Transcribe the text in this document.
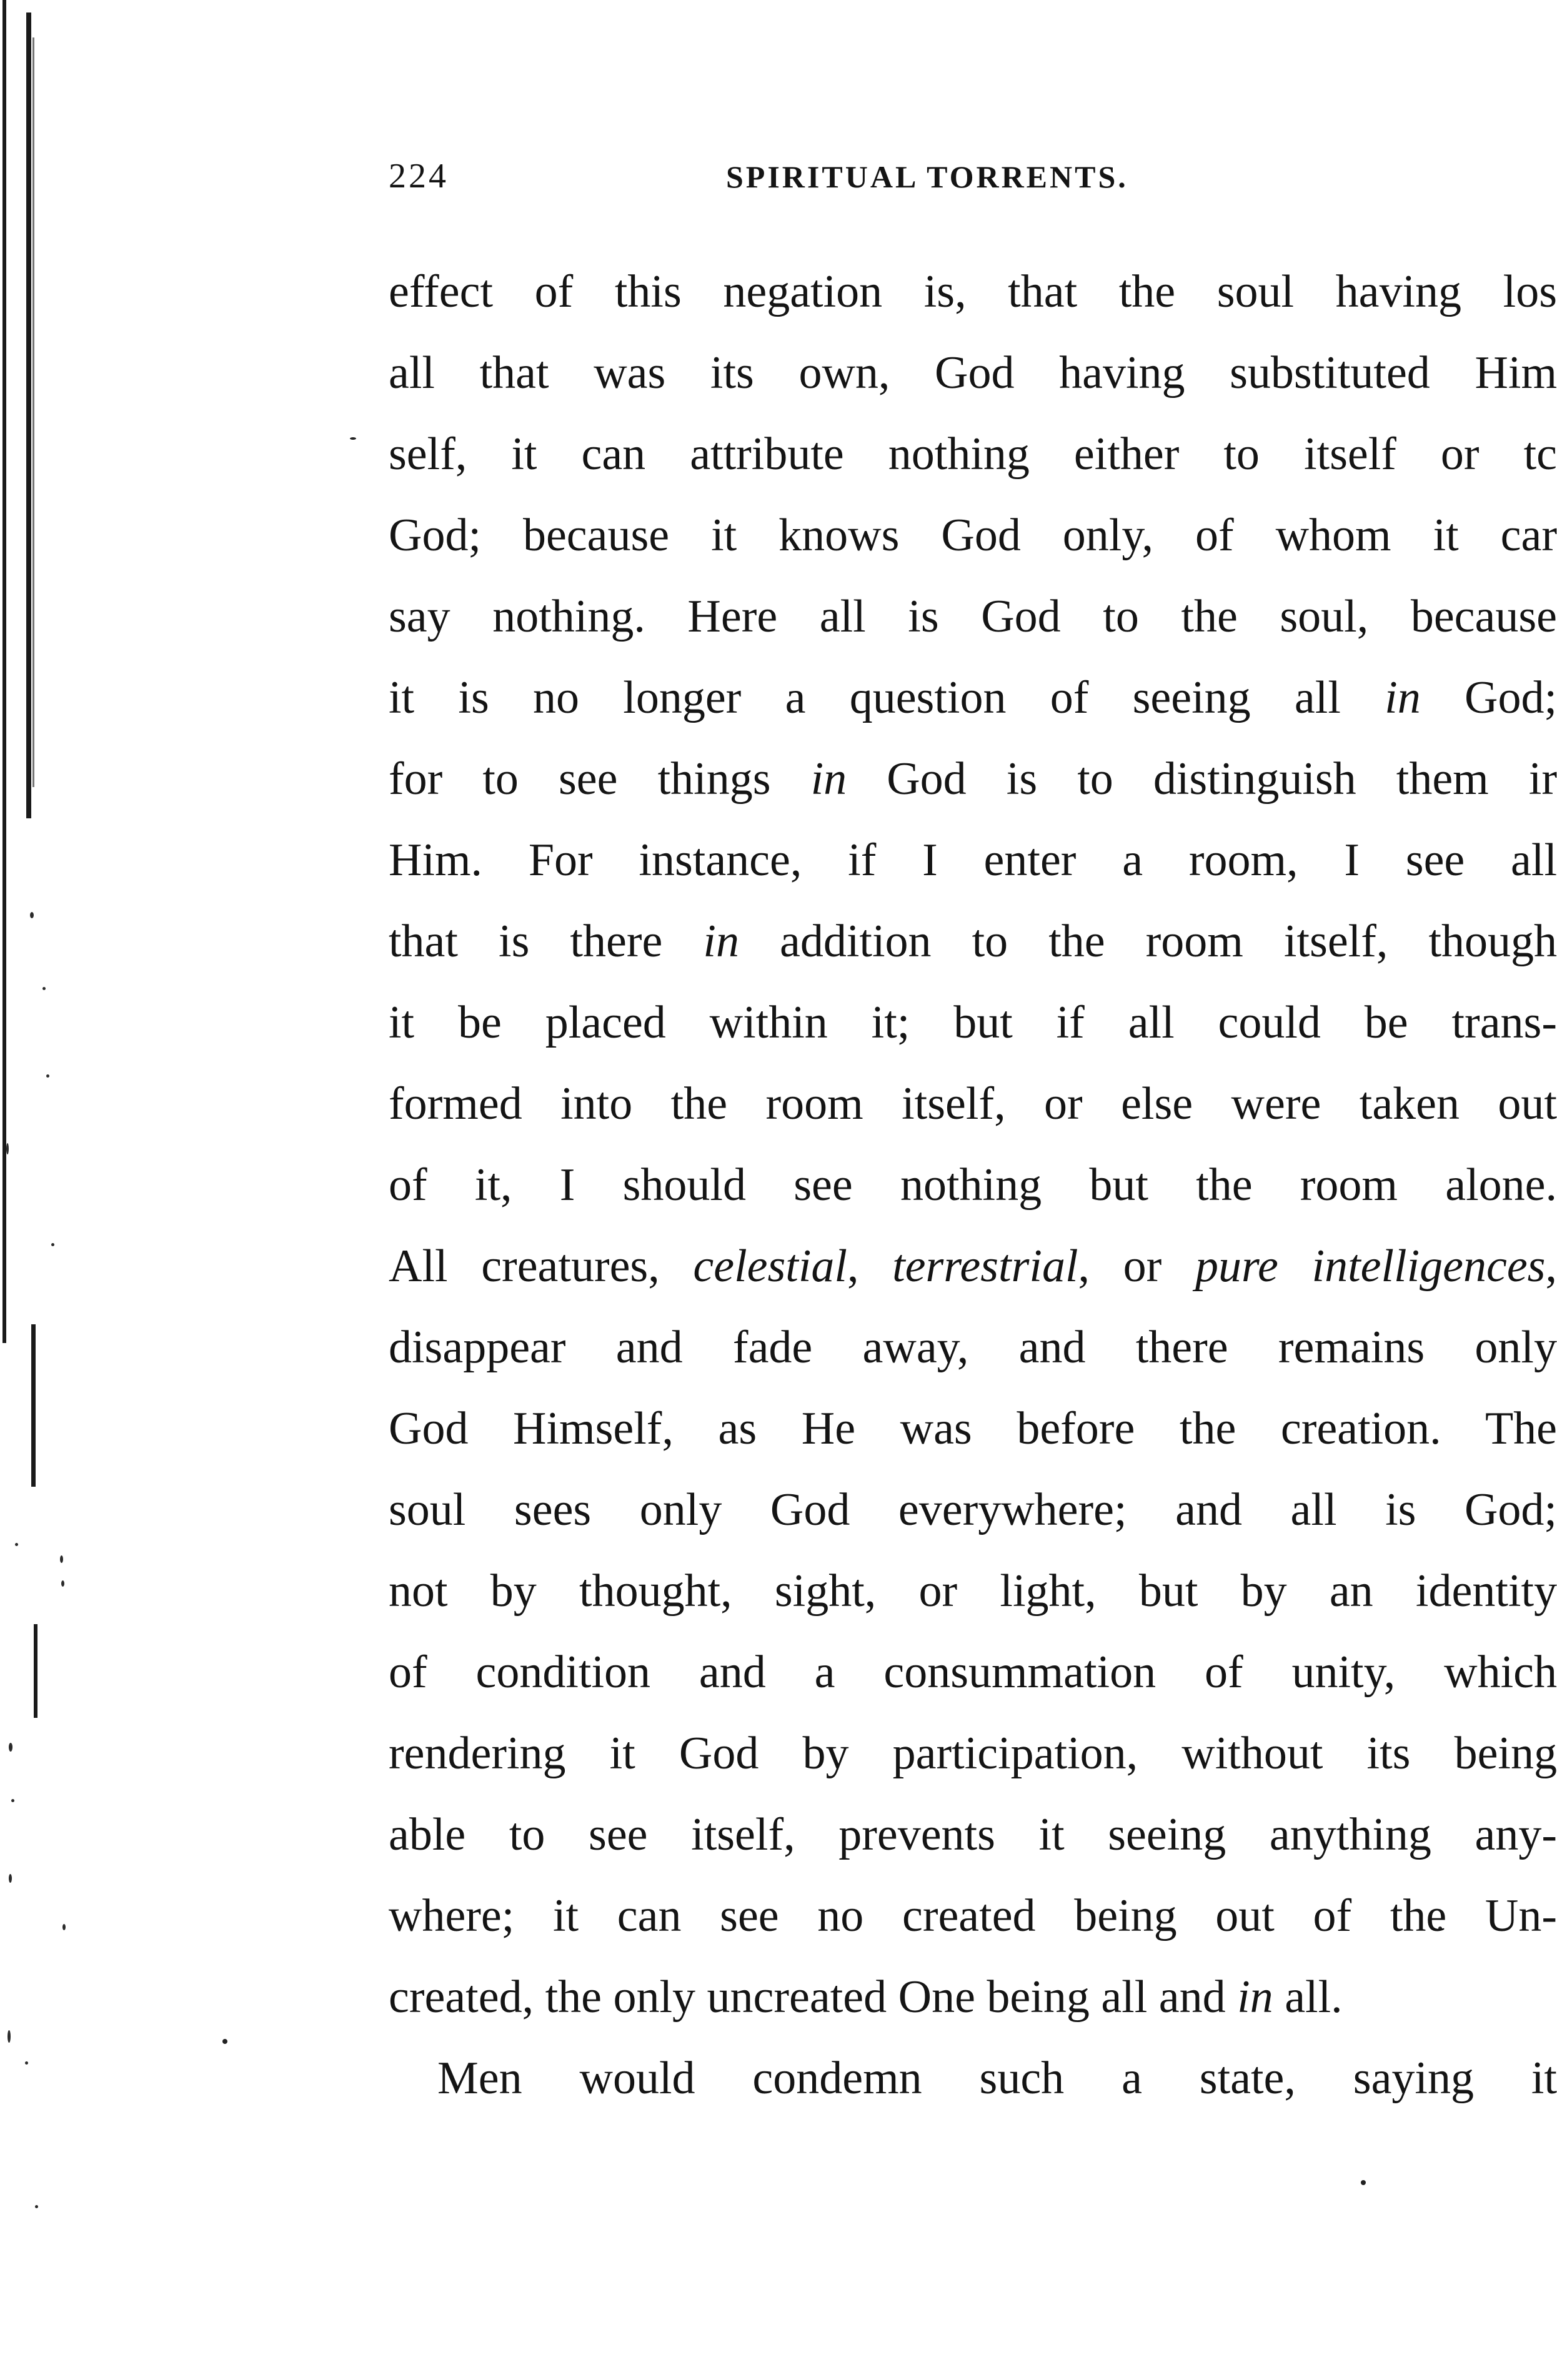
224	SPIRITUAL TORRENTS.
effect of this negation is, that the soul having los
all that was its own, God having substituted Him
self, it can attribute nothing either to itself or tc
God; because it knows God only, of whom it car
say nothing. Here all is God to the soul, because
it is no longer a question of seeing all in God;
for to see things in God is to distinguish them ir
Him. For instance, if I enter a room, I see all
that is there in addition to the room itself, though
it be placed within it; but if all could be trans-
formed into the room itself, or else were taken out
of it, I should see nothing but the room alone.
All creatures, celestial, terrestrial, or pure intelligences,
disappear and fade away, and there remains only
God Himself, as He was before the creation. The
soul sees only God everywhere; and all is God;
not by thought, sight, or light, but by an identity
of condition and a consummation of unity, which
rendering it God by participation, without its being
able to see itself, prevents it seeing anything any-
where; it can see no created being out of the Un-
created, the only uncreated One being all and in all.
Men would condemn such a state, saying it
